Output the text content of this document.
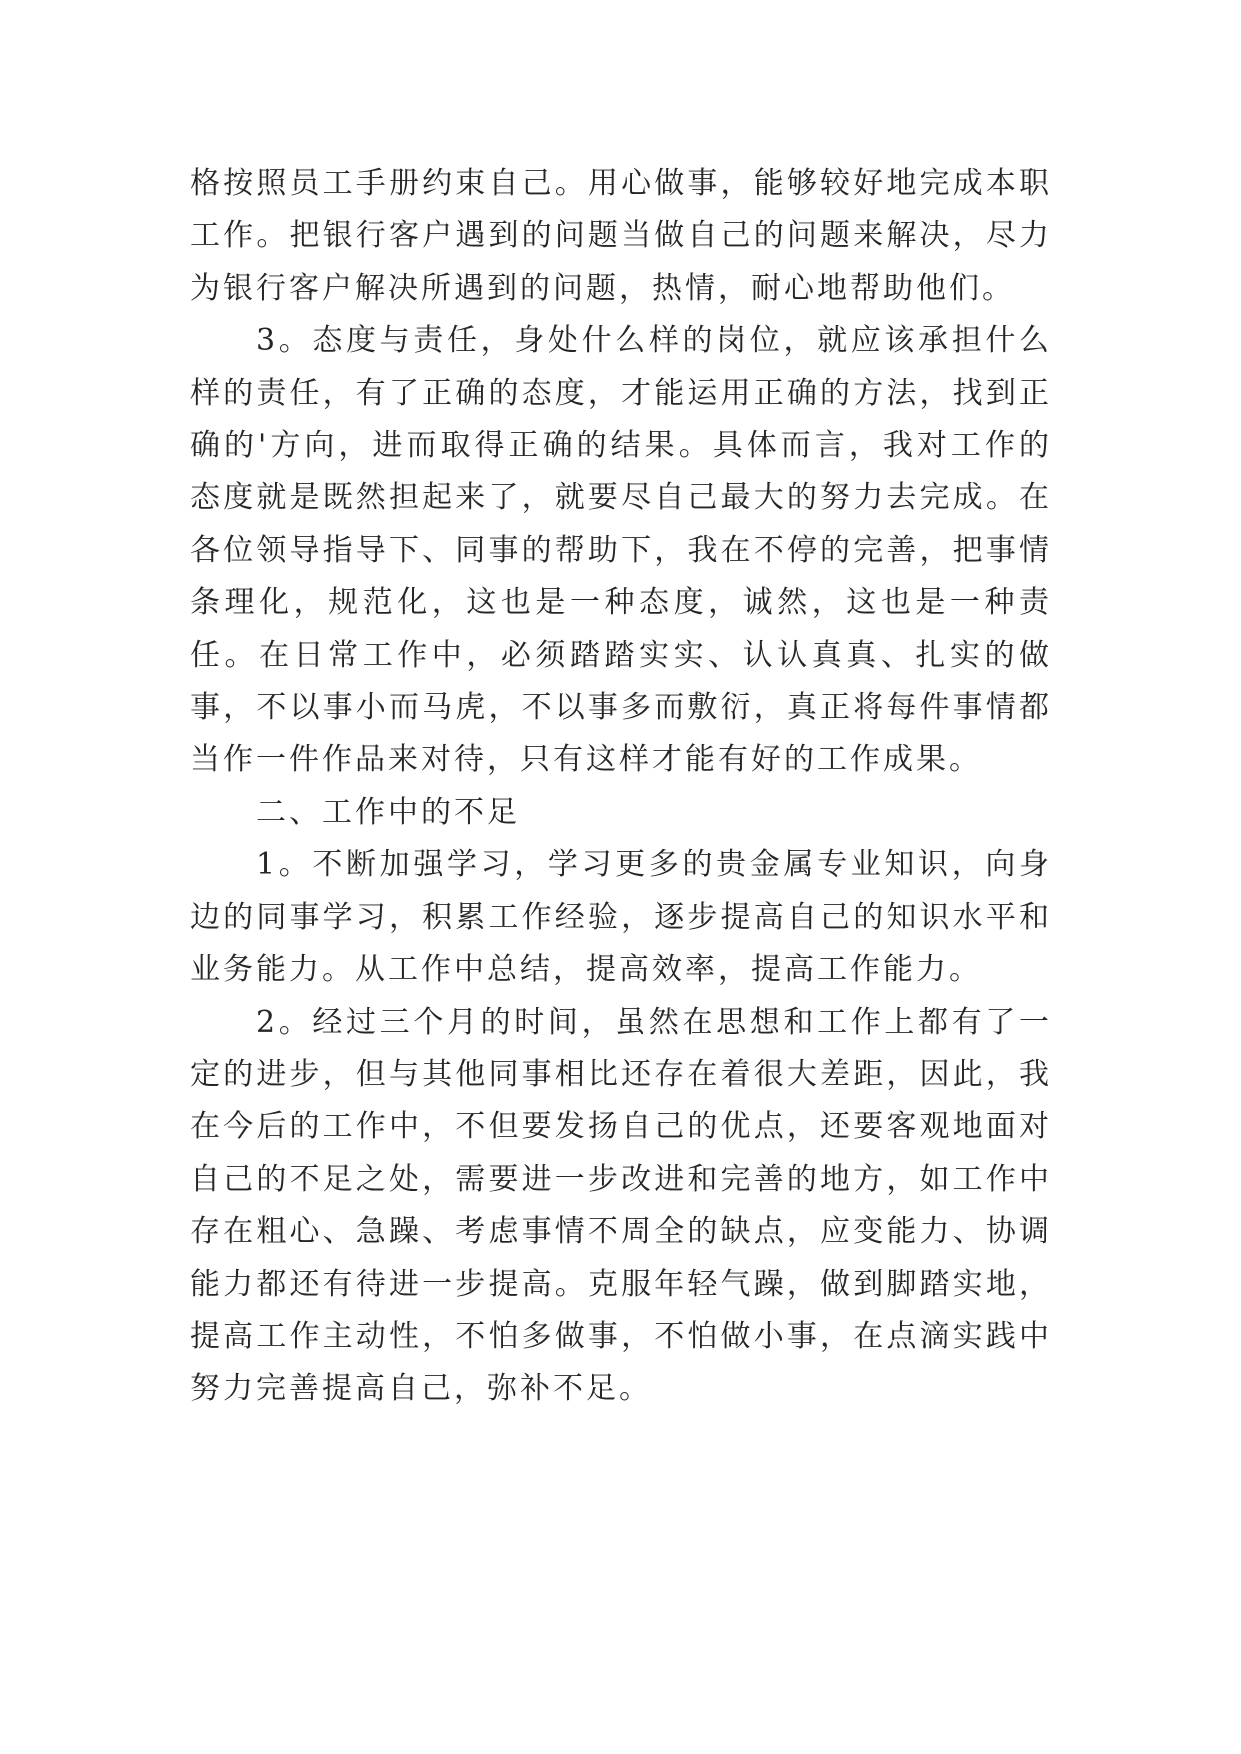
格按照员工手册约束自己。用心做事，能够较好地完成本职工作。把银行客户遇到的问题当做自己的问题来解决，尽力为银行客户解决所遇到的问题，热情，耐心地帮助他们。

3。态度与责任，身处什么样的岗位，就应该承担什么样的责任，有了正确的态度，才能运用正确的方法，找到正确的'方向，进而取得正确的结果。具体而言，我对工作的态度就是既然担起来了，就要尽自己最大的努力去完成。在各位领导指导下、同事的帮助下，我在不停的完善，把事情条理化，规范化，这也是一种态度，诚然，这也是一种责任。在日常工作中，必须踏踏实实、认认真真、扎实的做事，不以事小而马虎，不以事多而敷衍，真正将每件事情都当作一件作品来对待，只有这样才能有好的工作成果。

二、工作中的不足

1。不断加强学习，学习更多的贵金属专业知识，向身边的同事学习，积累工作经验，逐步提高自己的知识水平和业务能力。从工作中总结，提高效率，提高工作能力。

2。经过三个月的时间，虽然在思想和工作上都有了一定的进步，但与其他同事相比还存在着很大差距，因此，我在今后的工作中，不但要发扬自己的优点，还要客观地面对自己的不足之处，需要进一步改进和完善的地方，如工作中存在粗心、急躁、考虑事情不周全的缺点，应变能力、协调能力都还有待进一步提高。克服年轻气躁，做到脚踏实地，提高工作主动性，不怕多做事，不怕做小事，在点滴实践中努力完善提高自己，弥补不足。
